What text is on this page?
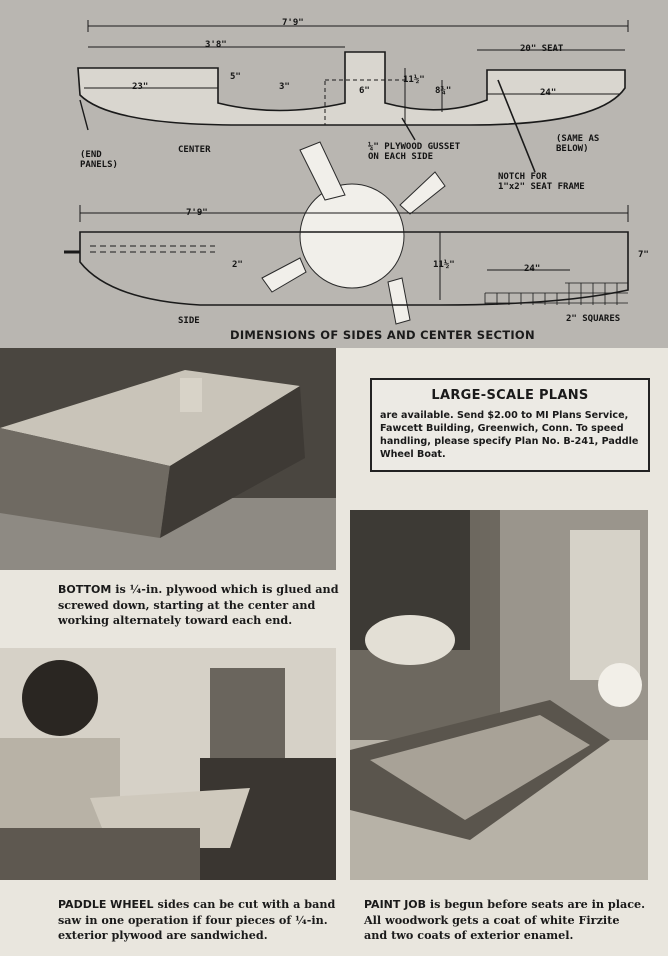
7'9"
3'8"	20" SEAT
23"
5"
3"	6"
11½"
8¾"	24"
(END
PANELS)
CENTER	¼" PLYWOOD GUSSET
ON EACH SIDE
(SAME AS
BELOW)
NOTCH FOR
1"x2" SEAT FRAME
7'9"
2"	11½"	24"
7"
SIDE	2" SQUARES
DIMENSIONS OF SIDES AND CENTER SECTION
LARGE-SCALE PLANS
are available. Send $2.00 to MI Plans Service, Fawcett Building, Greenwich, Conn. To speed handling, please specify Plan No. B-241, Paddle Wheel Boat.
BOTTOM is ¼-in. plywood which is glued and screwed down, starting at the center and working alternately toward each end.
PADDLE WHEEL sides can be cut with a band saw in one operation if four pieces of ¼-in. exterior plywood are sandwiched.
PAINT JOB is begun before seats are in place. All woodwork gets a coat of white Firzite and two coats of exterior enamel.
